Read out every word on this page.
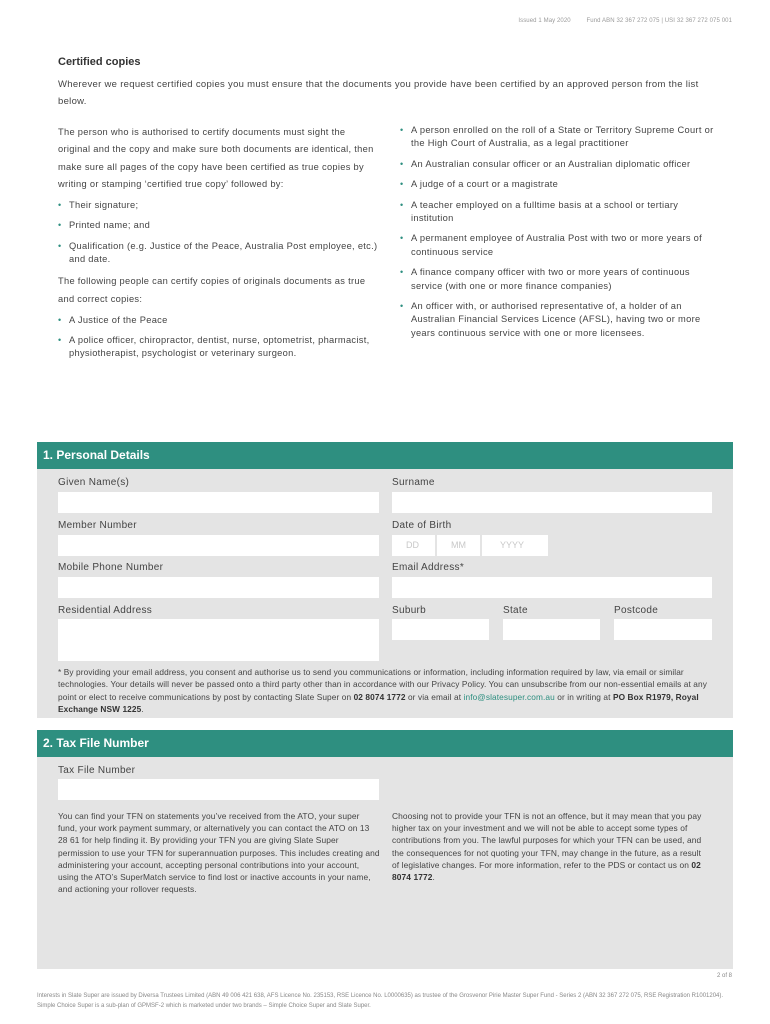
Issued 1 May 2020	Fund ABN 32 367 272 075 | USI 32 367 272 075 001
Certified copies

Wherever we request certified copies you must ensure that the documents you provide have been certified by an approved person from the list below.

The person who is authorised to certify documents must sight the original and the copy and make sure both documents are identical, then make sure all pages of the copy have been certified as true copies by writing or stamping ‘certified true copy’ followed by:

• Their signature;
• Printed name; and
• Qualification (e.g. Justice of the Peace, Australia Post employee, etc.) and date.

The following people can certify copies of originals documents as true and correct copies:

• A Justice of the Peace
• A police officer, chiropractor, dentist, nurse, optometrist, pharmacist, physiotherapist, psychologist or veterinary surgeon.
• A person enrolled on the roll of a State or Territory Supreme Court or the High Court of Australia, as a legal practitioner
• An Australian consular officer or an Australian diplomatic officer
• A judge of a court or a magistrate
• A teacher employed on a fulltime basis at a school or tertiary institution
• A permanent employee of Australia Post with two or more years of continuous service
• A finance company officer with two or more years of continuous service (with one or more finance companies)
• An officer with, or authorised representative of, a holder of an Australian Financial Services Licence (AFSL), having two or more years continuous service with one or more licensees.
1. Personal Details
Given Name(s)	Surname
Member Number	Date of Birth
DD	MM	YYYY
Mobile Phone Number	Email Address*
Residential Address	Suburb	State	Postcode
* By providing your email address, you consent and authorise us to send you communications or information, including information required by law, via email or similar technologies. Your details will never be passed onto a third party other than in accordance with our Privacy Policy. You can unsubscribe from our non-essential emails at any point or elect to receive communications by post by contacting Slate Super on 02 8074 1772 or via email at info@slatesuper.com.au or in writing at PO Box R1979, Royal Exchange NSW 1225.
2. Tax File Number
Tax File Number

You can find your TFN on statements you’ve received from the ATO, your super fund, your work payment summary, or alternatively you can contact the ATO on 13 28 61 for help finding it. By providing your TFN you are giving Slate Super permission to use your TFN for superannuation purposes. This includes creating and administering your account, accepting personal contributions into your account, using the ATO’s SuperMatch service to find lost or inactive accounts in your name, and actioning your rollover requests.

Choosing not to provide your TFN is not an offence, but it may mean that you pay higher tax on your investment and we will not be able to accept some types of contributions from you. The lawful purposes for which your TFN can be used, and the consequences for not quoting your TFN, may change in the future, as a result of legislative changes. For more information, refer to the PDS or contact us on 02 8074 1772.

2 of 8
Interests in Slate Super are issued by Diversa Trustees Limited (ABN 49 006 421 638, AFS Licence No. 235153, RSE Licence No. L0000635) as trustee of the Grosvenor Pirie Master Super Fund - Series 2 (ABN 32 367 272 075, RSE Registration R1001204). Simple Choice Super is a sub-plan of GPMSF-2 which is marketed under two brands – Simple Choice Super and Slate Super.
